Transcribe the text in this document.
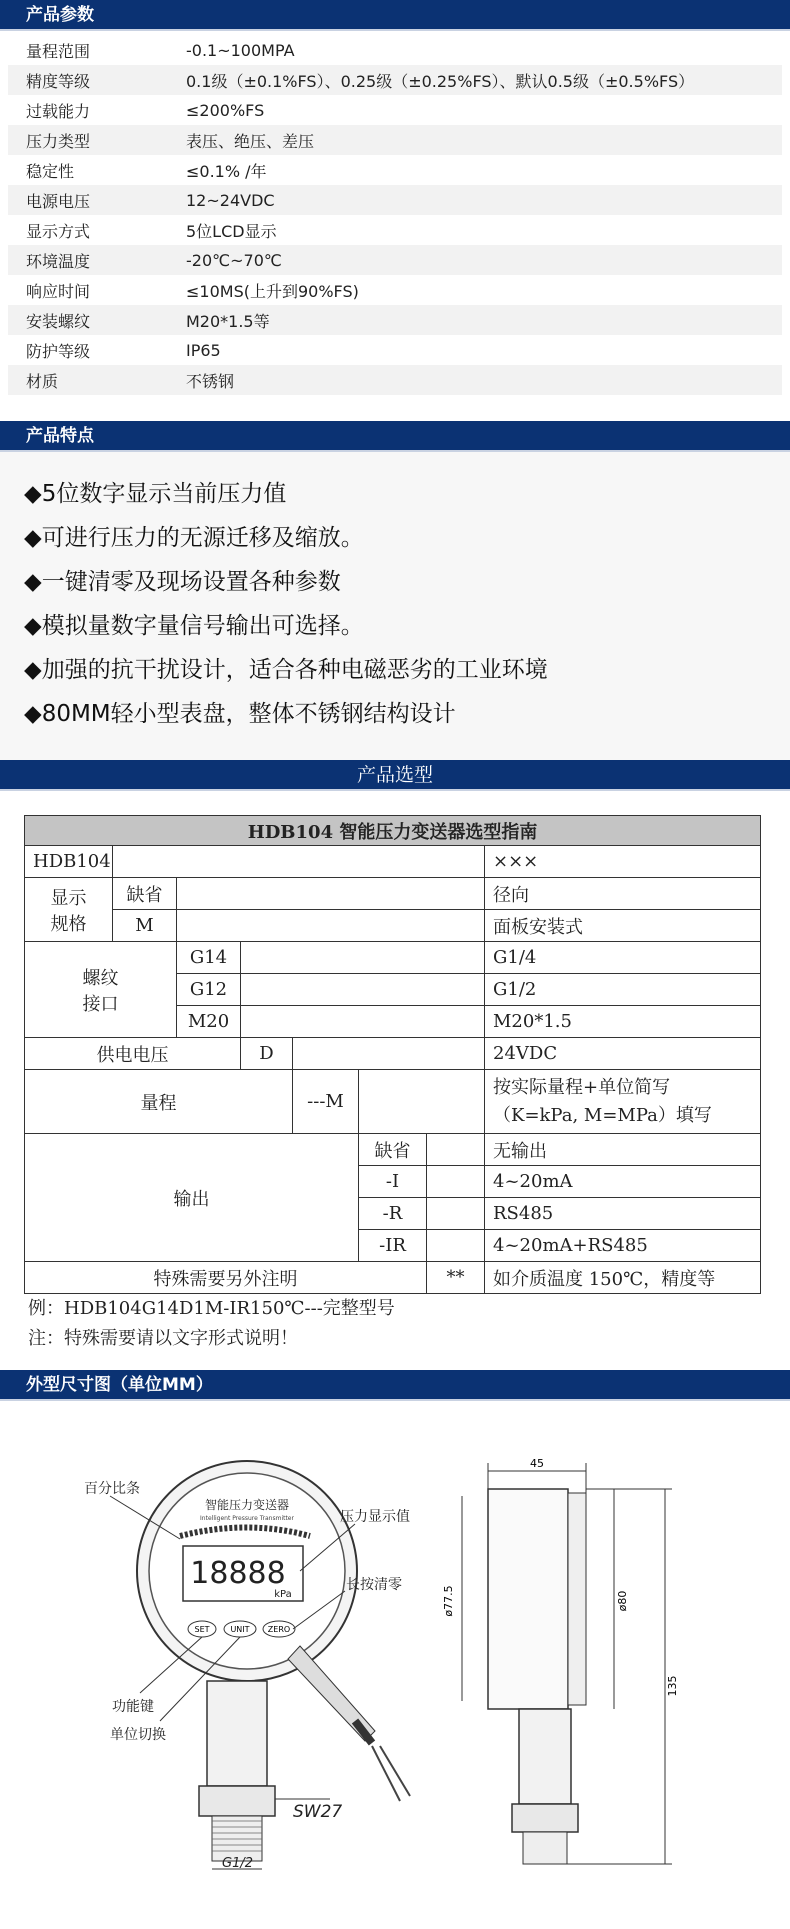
产品参数
量程范围	-0.1~100MPA
精度等级	0.1级（±0.1%FS）、0.25级（±0.25%FS）、默认0.5级（±0.5%FS）
过载能力	≤200%FS
压力类型	表压、绝压、差压
稳定性	≤0.1% /年
电源电压	12~24VDC
显示方式	5位LCD显示
环境温度	-20℃~70℃
响应时间	≤10MS(上升到90%FS)
安装螺纹	M20*1.5等
防护等级	IP65
材质	不锈钢
产品特点
◆5位数字显示当前压力值
◆可进行压力的无源迁移及缩放。
◆一键清零及现场设置各种参数
◆模拟量数字量信号输出可选择。
◆加强的抗干扰设计，适合各种电磁恶劣的工业环境
◆80MM轻小型表盘，整体不锈钢结构设计
产品选型
HDB104 智能压力变送器选型指南							
HDB104							×××
显示规格	缺省						径向
	M						面板安装式
螺纹接口		G14					G1/4
		G12					G1/2
		M20					M20*1.5
供电电压			D				24VDC
量程				---M			按实际量程+单位简写（K=kPa, M=MPa）填写
输出					缺省		无输出
					-I		4~20mA
					-R		RS485
					-IR		4~20mA+RS485
特殊需要另外注明						**	如介质温度 150℃，精度等
例：HDB104G14D1M-IR150℃---完整型号
注：特殊需要请以文字形式说明！
外型尺寸图（单位MM）
智能压力变送器
Intelligent Pressure Transmitter
18888
kPa
SET	UNIT ZERO
百分比条
压力显示值
长按清零
功能键
单位切换
SW27
G1/2
45
ø77.5	ø80
135
